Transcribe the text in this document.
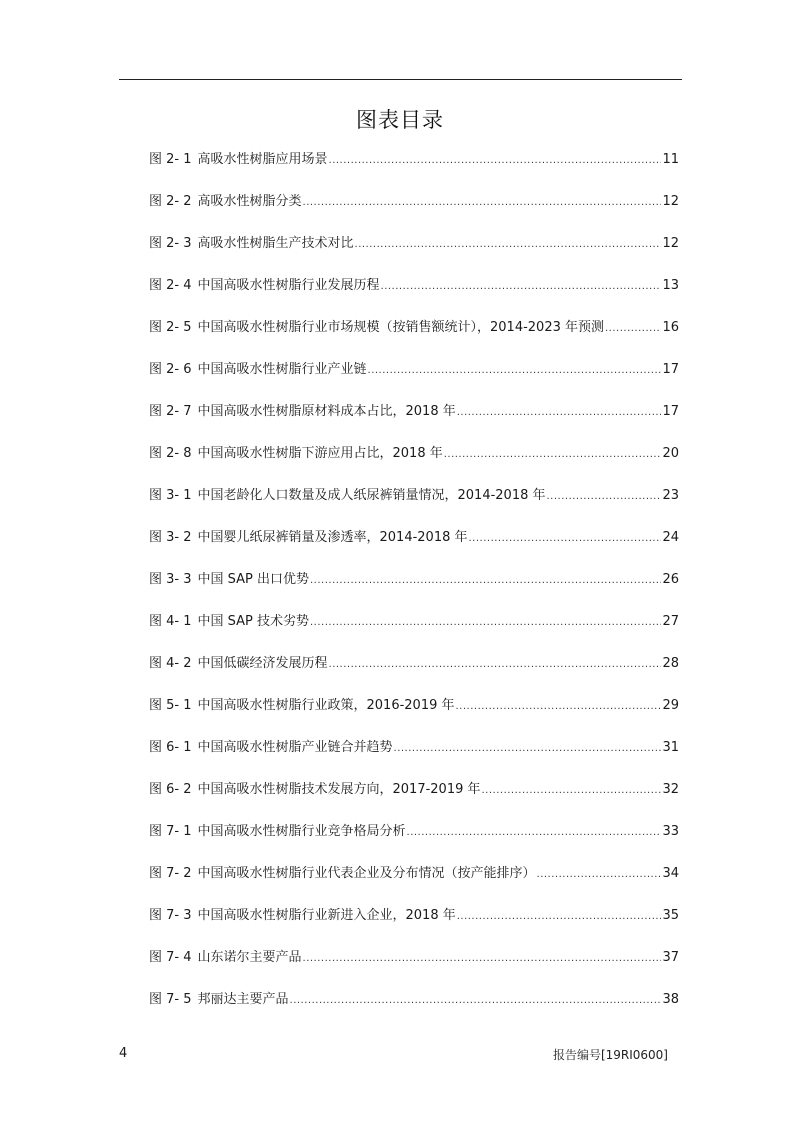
图表目录
图 2- 1 高吸水性树脂应用场景 .....	11
图 2- 2 高吸水性树脂分类 .....	12
图 2- 3 高吸水性树脂生产技术对比 .....	12
图 2- 4 中国高吸水性树脂行业发展历程 .....	13
图 2- 5 中国高吸水性树脂行业市场规模（按销售额统计），2014-2023 年预测 .....	16
图 2- 6 中国高吸水性树脂行业产业链 .....	17
图 2- 7 中国高吸水性树脂原材料成本占比，2018 年 .....	17
图 2- 8 中国高吸水性树脂下游应用占比，2018 年 .....	20
图 3- 1 中国老龄化人口数量及成人纸尿裤销量情况，2014-2018 年 .....	23
图 3- 2 中国婴儿纸尿裤销量及渗透率，2014-2018 年 .....	24
图 3- 3 中国 SAP 出口优势 .....	26
图 4- 1 中国 SAP 技术劣势 .....	27
图 4- 2 中国低碳经济发展历程 .....	28
图 5- 1 中国高吸水性树脂行业政策，2016-2019 年 .....	29
图 6- 1 中国高吸水性树脂产业链合并趋势 .....	31
图 6- 2 中国高吸水性树脂技术发展方向，2017-2019 年 .....	32
图 7- 1 中国高吸水性树脂行业竞争格局分析 .....	33
图 7- 2 中国高吸水性树脂行业代表企业及分布情况（按产能排序） .....	34
图 7- 3 中国高吸水性树脂行业新进入企业，2018 年 .....	35
图 7- 4 山东诺尔主要产品 .....	37
图 7- 5 邦丽达主要产品 .....	38
4	报告编号[19RI0600]
